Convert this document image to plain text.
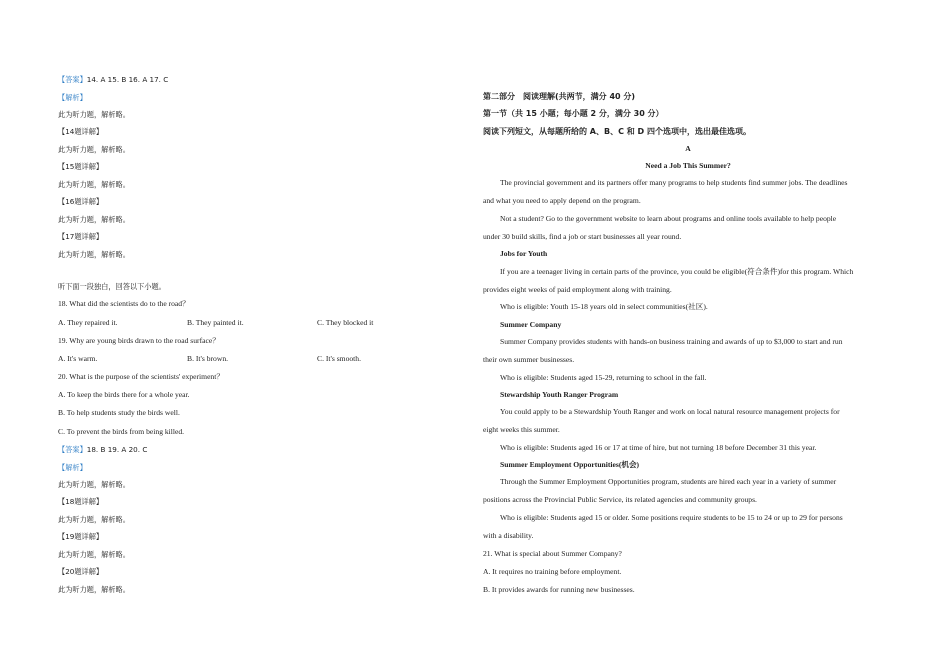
【答案】14. A 15. B 16. A 17. C
【解析】
此为听力题，解析略。
【14题详解】
此为听力题，解析略。
【15题详解】
此为听力题，解析略。
【16题详解】
此为听力题，解析略。
【17题详解】
此为听力题，解析略。
听下面一段独白，回答以下小题。
18. What did the scientists do to the road？
A. They repaired it.	B. They painted it.	C. They blocked it
19. Why are young birds drawn to the road surface？
A. It's warm.	B. It's brown.	C. It's smooth.
20. What is the purpose of the scientists' experiment？
A. To keep the birds there for a whole year.
B. To help students study the birds well.
C. To prevent the birds from being killed.
【答案】18. B 19. A 20. C
【解析】
此为听力题，解析略。
【18题详解】
此为听力题，解析略。
【19题详解】
此为听力题，解析略。
【20题详解】
此为听力题，解析略。
第二部分　阅读理解(共两节，满分 40 分)
第一节（共 15 小题；每小题 2 分，满分 30 分）
阅读下列短文，从每题所给的 A、B、C 和 D 四个选项中，选出最佳选项。
A
Need a Job This Summer?
The provincial government and its partners offer many programs to help students find summer jobs. The deadlines
and what you need to apply depend on the program.
Not a student? Go to the government website to learn about programs and online tools available to help people
under 30 build skills, find a job or start businesses all year round.
Jobs for Youth
If you are a teenager living in certain parts of the province, you could be eligible(符合条件)for this program. Which
provides eight weeks of paid employment along with training.
Who is eligible: Youth 15-18 years old in select communities(社区).
Summer Company
Summer Company provides students with hands-on business training and awards of up to $3,000 to start and run
their own summer businesses.
Who is eligible: Students aged 15-29, returning to school in the fall.
Stewardship Youth Ranger Program
You could apply to be a Stewardship Youth Ranger and work on local natural resource management projects for
eight weeks this summer.
Who is eligible: Students aged 16 or 17 at time of hire, but not turning 18 before December 31 this year.
Summer Employment Opportunities(机会)
Through the Summer Employment Opportunities program, students are hired each year in a variety of summer
positions across the Provincial Public Service, its related agencies and community groups.
Who is eligible: Students aged 15 or older. Some positions require students to be 15 to 24 or up to 29 for persons
with a disability.
21. What is special about Summer Company?
A. It requires no training before employment.
B. It provides awards for running new businesses.
